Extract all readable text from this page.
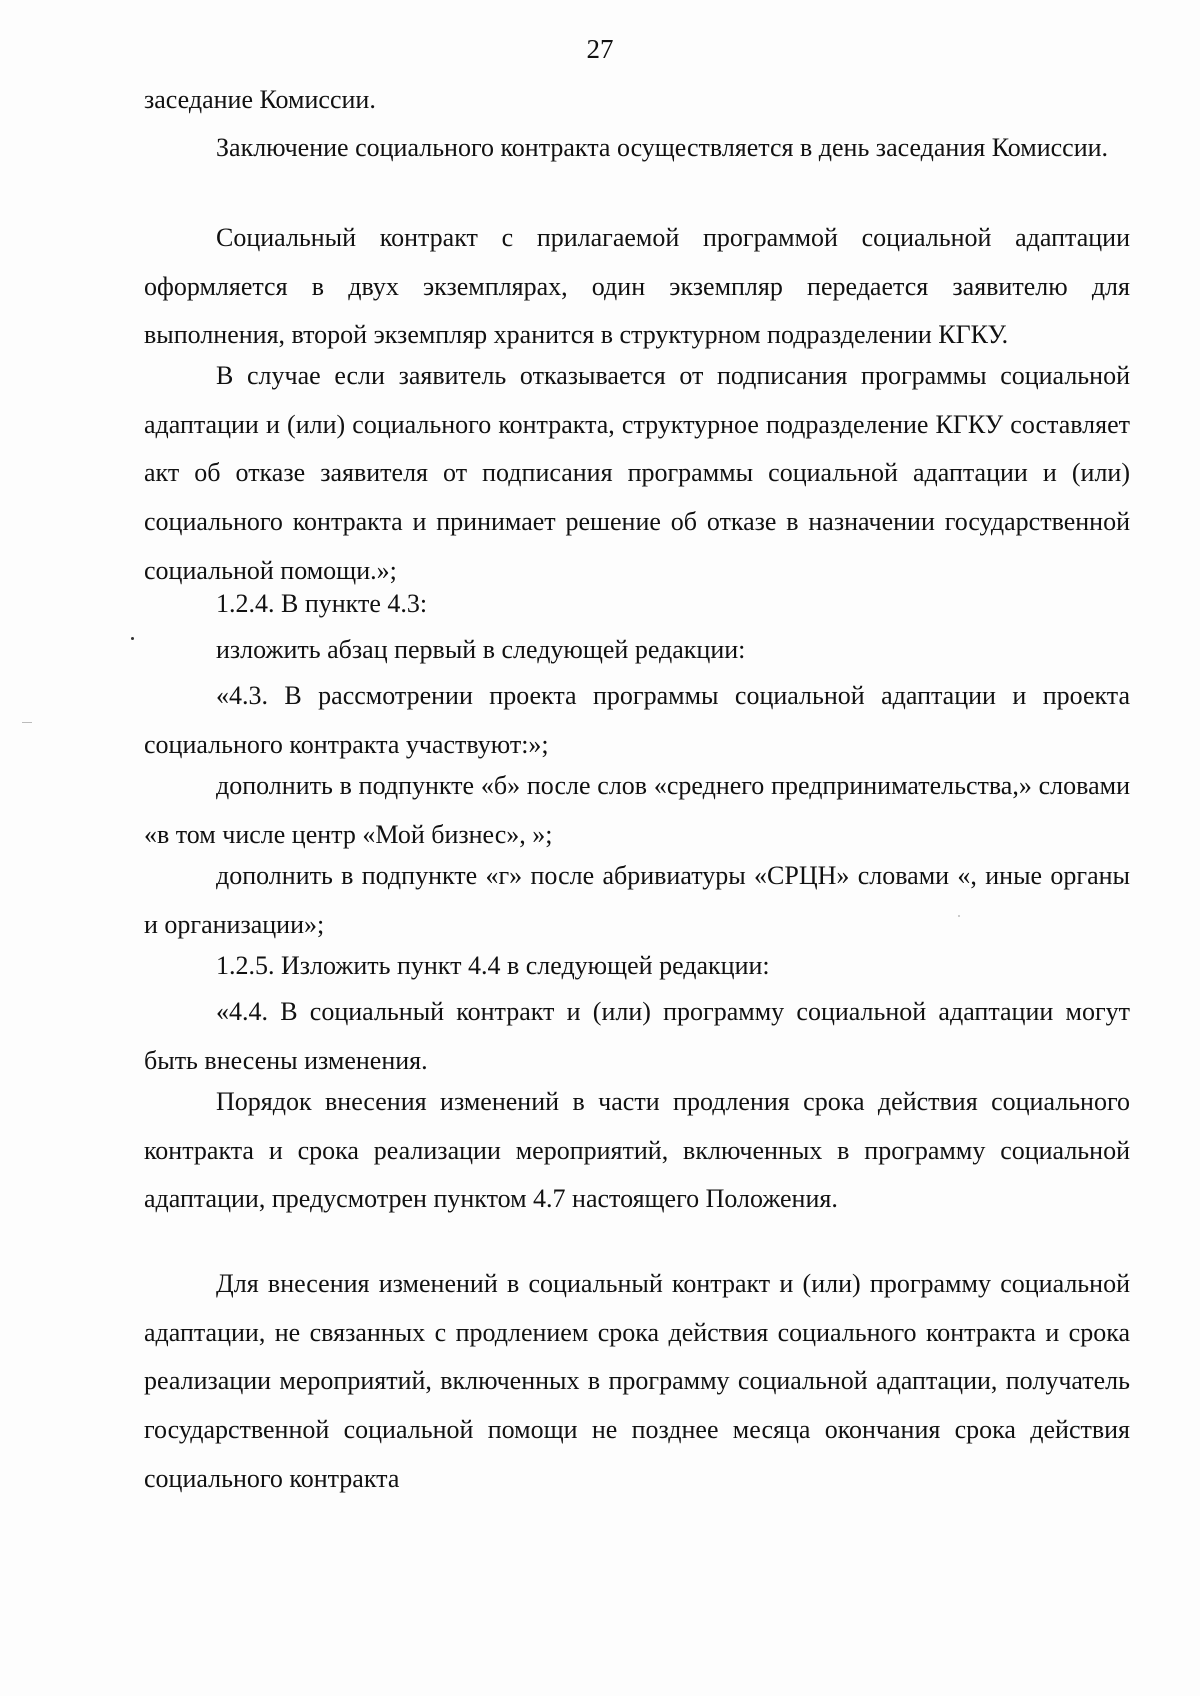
27

заседание Комиссии.

Заключение социального контракта осуществляется в день заседания Комиссии.

Социальный контракт с прилагаемой программой социальной адаптации оформляется в двух экземплярах, один экземпляр передается заявителю для выполнения, второй экземпляр хранится в структурном подразделении КГКУ.

В случае если заявитель отказывается от подписания программы социальной адаптации и (или) социального контракта, структурное подразделение КГКУ составляет акт об отказе заявителя от подписания программы социальной адаптации и (или) социального контракта и принимает решение об отказе в назначении государственной социальной помощи.»;

1.2.4. В пункте 4.3:

изложить абзац первый в следующей редакции:

«4.3. В рассмотрении проекта программы социальной адаптации и проекта социального контракта участвуют:»;

дополнить в подпункте «б» после слов «среднего предпринимательства,» словами «в том числе центр «Мой бизнес», »;

дополнить в подпункте «г» после абривиатуры «СРЦН» словами «, иные органы и организации»;

1.2.5. Изложить пункт 4.4 в следующей редакции:

«4.4. В социальный контракт и (или) программу социальной адаптации могут быть внесены изменения.

Порядок внесения изменений в части продления срока действия социального контракта и срока реализации мероприятий, включенных в программу социальной адаптации, предусмотрен пунктом 4.7 настоящего Положения.

Для внесения изменений в социальный контракт и (или) программу социальной адаптации, не связанных с продлением срока действия социального контракта и срока реализации мероприятий, включенных в программу социальной адаптации, получатель государственной социальной помощи не позднее месяца окончания срока действия социального контракта
